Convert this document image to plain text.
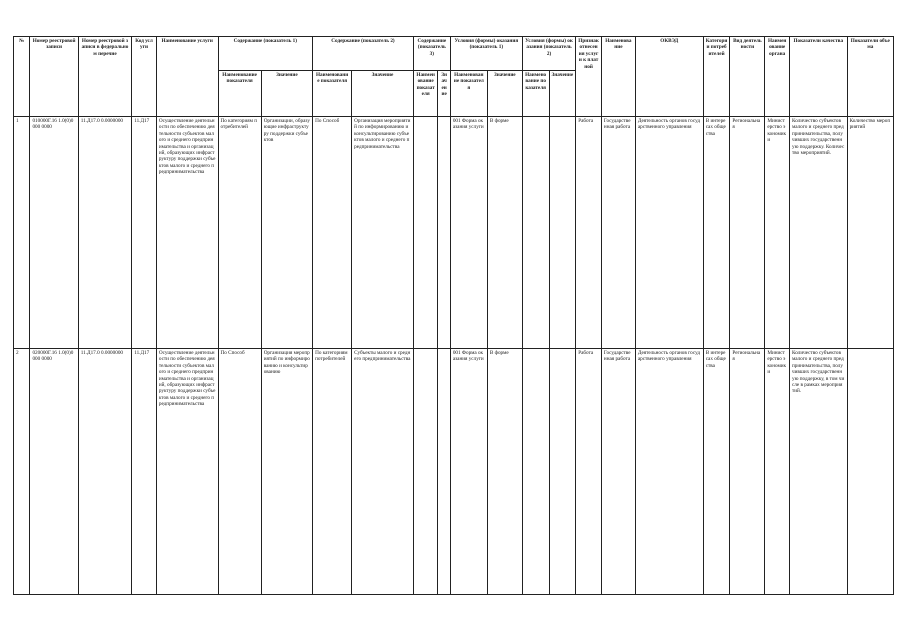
№	Номер реестровой записи	Номер реестровой записи в федеральном перечне	Код услуги	Наименование услуги	Содержание (показатель 1)		Содержание (показатель 2)		Содержание (показатель 3)		Условия (формы) оказания (показатель 1)		Условия (формы) оказания (показатель 2)		Признак отнесения услуги к платной	Наименование	ОКВЭД	Категории потребителей	Вид деятельности	Наименование органа	Показатели качества	Показатели объема
					Наименование показателя	Значение	Наименование показателя	Значение	Наименование показателя	Значение	Наименование показателя	Значение	Наименование показателя	Значение								
1	010000Г.16 1.0(0)0000 0000	11.Д17.0 0.0000000	11.Д17	Осуществление деятельности по обеспечению деятельности субъектов малого и среднего предпринимательства и организаций, образующих инфраструктуру поддержки субъектов малого и среднего предпринимательства	По категориям потребителей	Организации, образующие инфраструктуру поддержки субъектов	По Способ	Организация мероприятий по информированию и консультированию субъектов малого и среднего предпринимательства			001 Форма оказания услуги	В форме			Работа	Государственная работа	Деятельность органов государственного управления	В интересах общества	Региональная	Министерство экономики	Количество субъектов малого и среднего предпринимательства, получивших государственную поддержку. Количество мероприятий.	Количество мероприятий
2	020000Г.16 1.0(0)0000 0000	11.Д17.0 0.0000000	11.Д17	Осуществление деятельности по обеспечению деятельности субъектов малого и среднего предпринимательства и организаций, образующих инфраструктуру поддержки субъектов малого и среднего предпринимательства	По Способ	Организация мероприятий по информированию и консультированию	По категориям потребителей	Субъекты малого и среднего предпринимательства			001 Форма оказания услуги	В форме			Работа	Государственная работа	Деятельность органов государственного управления	В интересах общества	Региональная	Министерство экономики	Количество субъектов малого и среднего предпринимательства, получивших государственную поддержку, в том числе в рамках мероприятий.	
